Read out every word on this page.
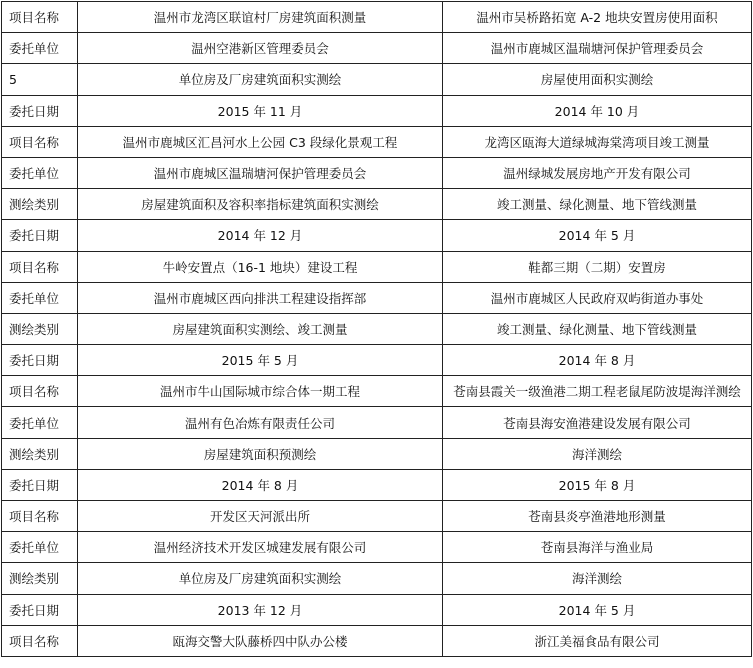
项目名称	温州市龙湾区联谊村厂房建筑面积测量	温州市吴桥路拓宽 A-2 地块安置房使用面积
委托单位	温州空港新区管理委员会	温州市鹿城区温瑞塘河保护管理委员会
5	单位房及厂房建筑面积实测绘	房屋使用面积实测绘
委托日期	2015 年 11 月	2014 年 10 月
项目名称	温州市鹿城区汇昌河水上公园 C3 段绿化景观工程	龙湾区瓯海大道绿城海棠湾项目竣工测量
委托单位	温州市鹿城区温瑞塘河保护管理委员会	温州绿城发展房地产开发有限公司
测绘类别	房屋建筑面积及容积率指标建筑面积实测绘	竣工测量、绿化测量、地下管线测量
委托日期	2014 年 12 月	2014 年 5 月
项目名称	牛岭安置点（16-1 地块）建设工程	鞋都三期（二期）安置房
委托单位	温州市鹿城区西向排洪工程建设指挥部	温州市鹿城区人民政府双屿街道办事处
测绘类别	房屋建筑面积实测绘、竣工测量	竣工测量、绿化测量、地下管线测量
委托日期	2015 年 5 月	2014 年 8 月
项目名称	温州市牛山国际城市综合体一期工程	苍南县霞关一级渔港二期工程老鼠尾防波堤海洋测绘
委托单位	温州有色冶炼有限责任公司	苍南县海安渔港建设发展有限公司
测绘类别	房屋建筑面积预测绘	海洋测绘
委托日期	2014 年 8 月	2015 年 8 月
项目名称	开发区天河派出所	苍南县炎亭渔港地形测量
委托单位	温州经济技术开发区城建发展有限公司	苍南县海洋与渔业局
测绘类别	单位房及厂房建筑面积实测绘	海洋测绘
委托日期	2013 年 12 月	2014 年 5 月
项目名称	瓯海交警大队藤桥四中队办公楼	浙江美福食品有限公司
